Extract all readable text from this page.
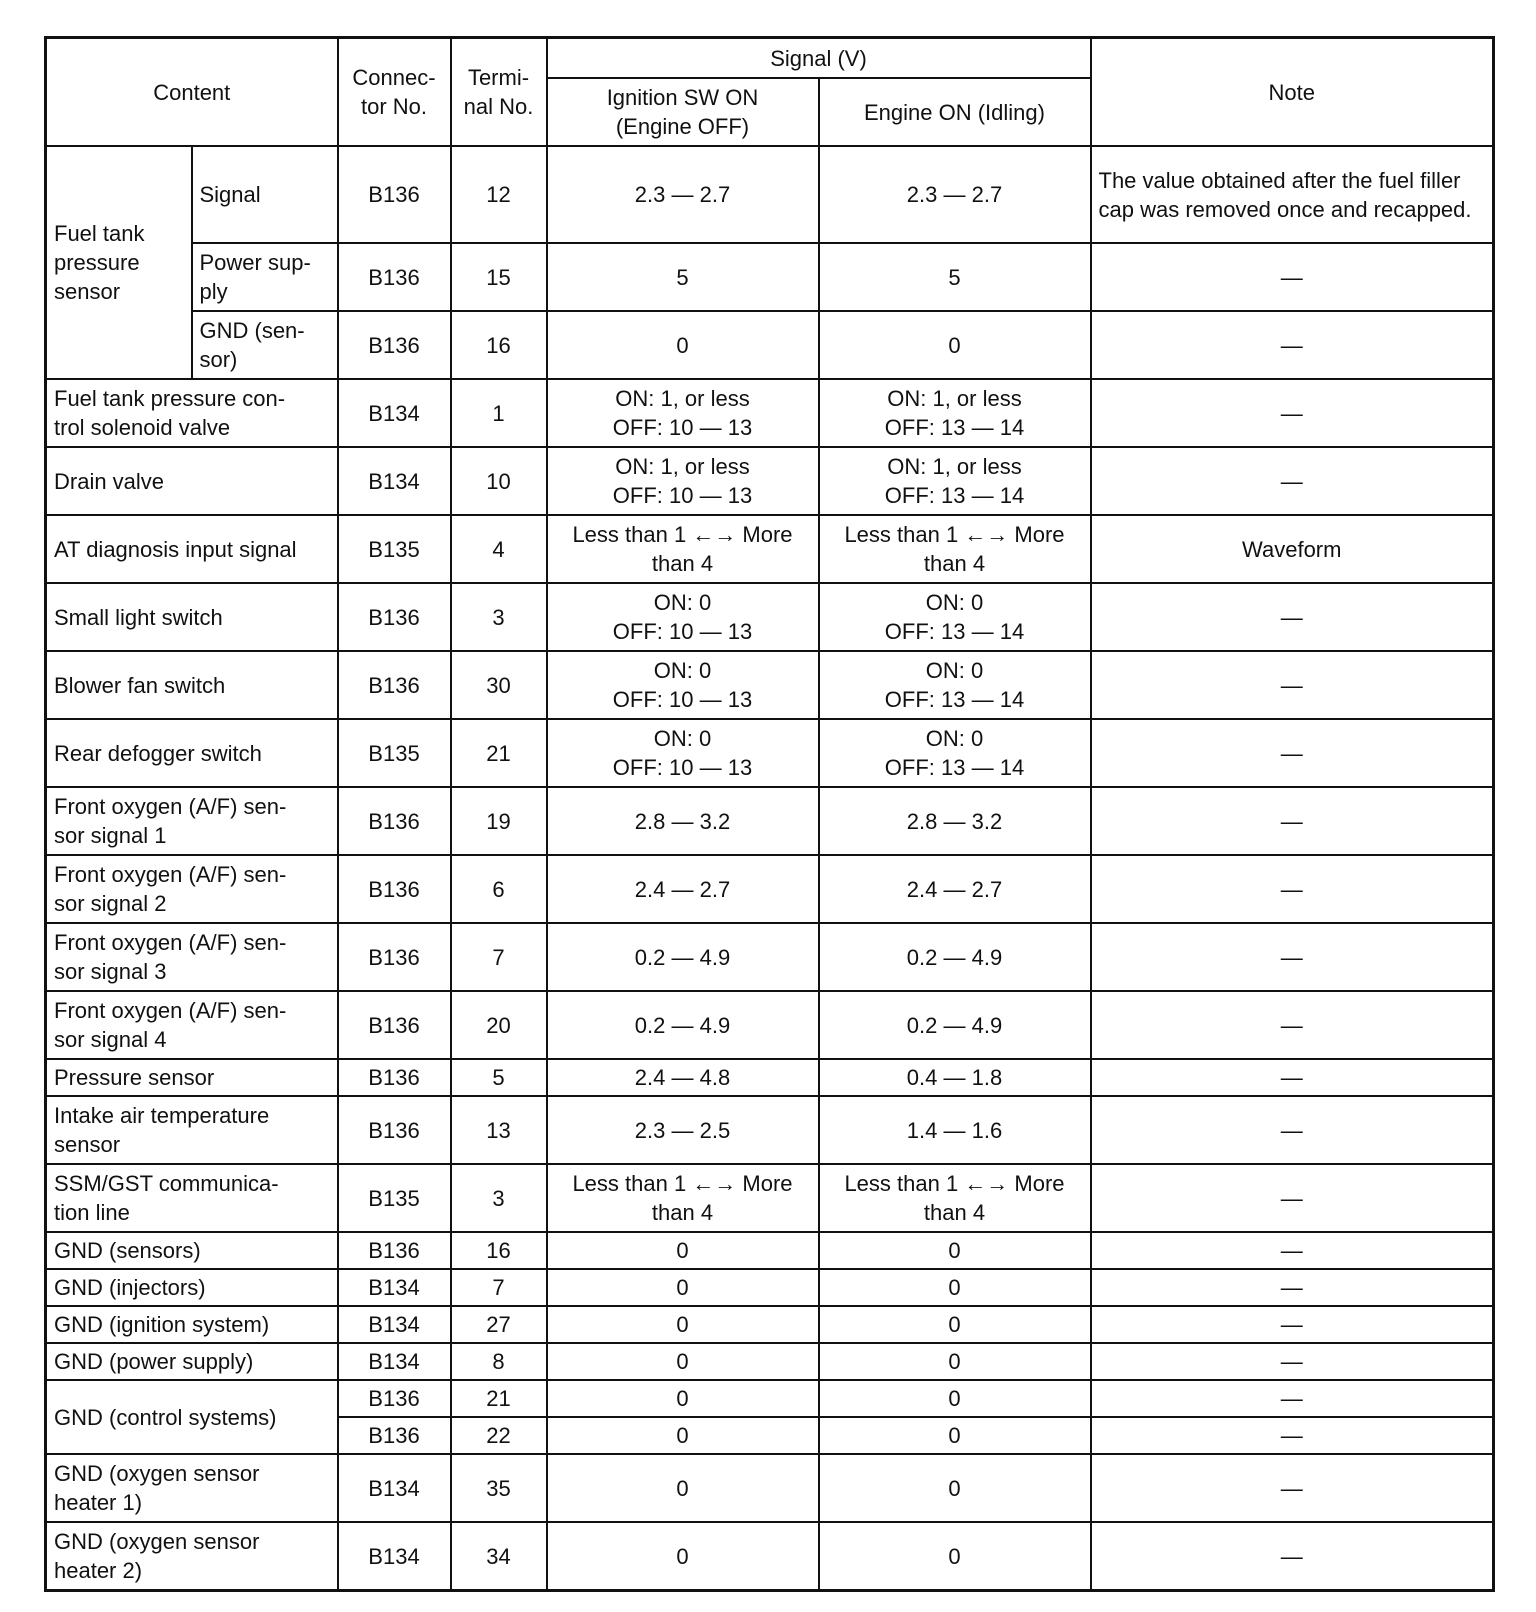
Content		Connec-
tor No.	Termi-
nal No.	Signal (V)		Note
				Ignition SW ON
(Engine OFF)	Engine ON (Idling)	
Fuel tank
pressure
sensor	Signal	B136	12	2.3 — 2.7	2.3 — 2.7	The value obtained after the fuel filler cap was removed once and recapped.
	Power sup-
ply	B136	15	5	5	—
	GND (sen-
sor)	B136	16	0	0	—
Fuel tank pressure con-
trol solenoid valve		B134	1	ON: 1, or less
OFF: 10 — 13	ON: 1, or less
OFF: 13 — 14	—
Drain valve		B134	10	ON: 1, or less
OFF: 10 — 13	ON: 1, or less
OFF: 13 — 14	—
AT diagnosis input signal		B135	4	Less than 1 ←→ More
than 4	Less than 1 ←→ More
than 4	Waveform
Small light switch		B136	3	ON: 0
OFF: 10 — 13	ON: 0
OFF: 13 — 14	—
Blower fan switch		B136	30	ON: 0
OFF: 10 — 13	ON: 0
OFF: 13 — 14	—
Rear defogger switch		B135	21	ON: 0
OFF: 10 — 13	ON: 0
OFF: 13 — 14	—
Front oxygen (A/F) sen-
sor signal 1		B136	19	2.8 — 3.2	2.8 — 3.2	—
Front oxygen (A/F) sen-
sor signal 2		B136	6	2.4 — 2.7	2.4 — 2.7	—
Front oxygen (A/F) sen-
sor signal 3		B136	7	0.2 — 4.9	0.2 — 4.9	—
Front oxygen (A/F) sen-
sor signal 4		B136	20	0.2 — 4.9	0.2 — 4.9	—
Pressure sensor		B136	5	2.4 — 4.8	0.4 — 1.8	—
Intake air temperature
sensor		B136	13	2.3 — 2.5	1.4 — 1.6	—
SSM/GST communica-
tion line		B135	3	Less than 1 ←→ More
than 4	Less than 1 ←→ More
than 4	—
GND (sensors)		B136	16	0	0	—
GND (injectors)		B134	7	0	0	—
GND (ignition system)		B134	27	0	0	—
GND (power supply)		B134	8	0	0	—
GND (control systems)		B136	21	0	0	—
		B136	22	0	0	—
GND (oxygen sensor
heater 1)		B134	35	0	0	—
GND (oxygen sensor
heater 2)		B134	34	0	0	—
